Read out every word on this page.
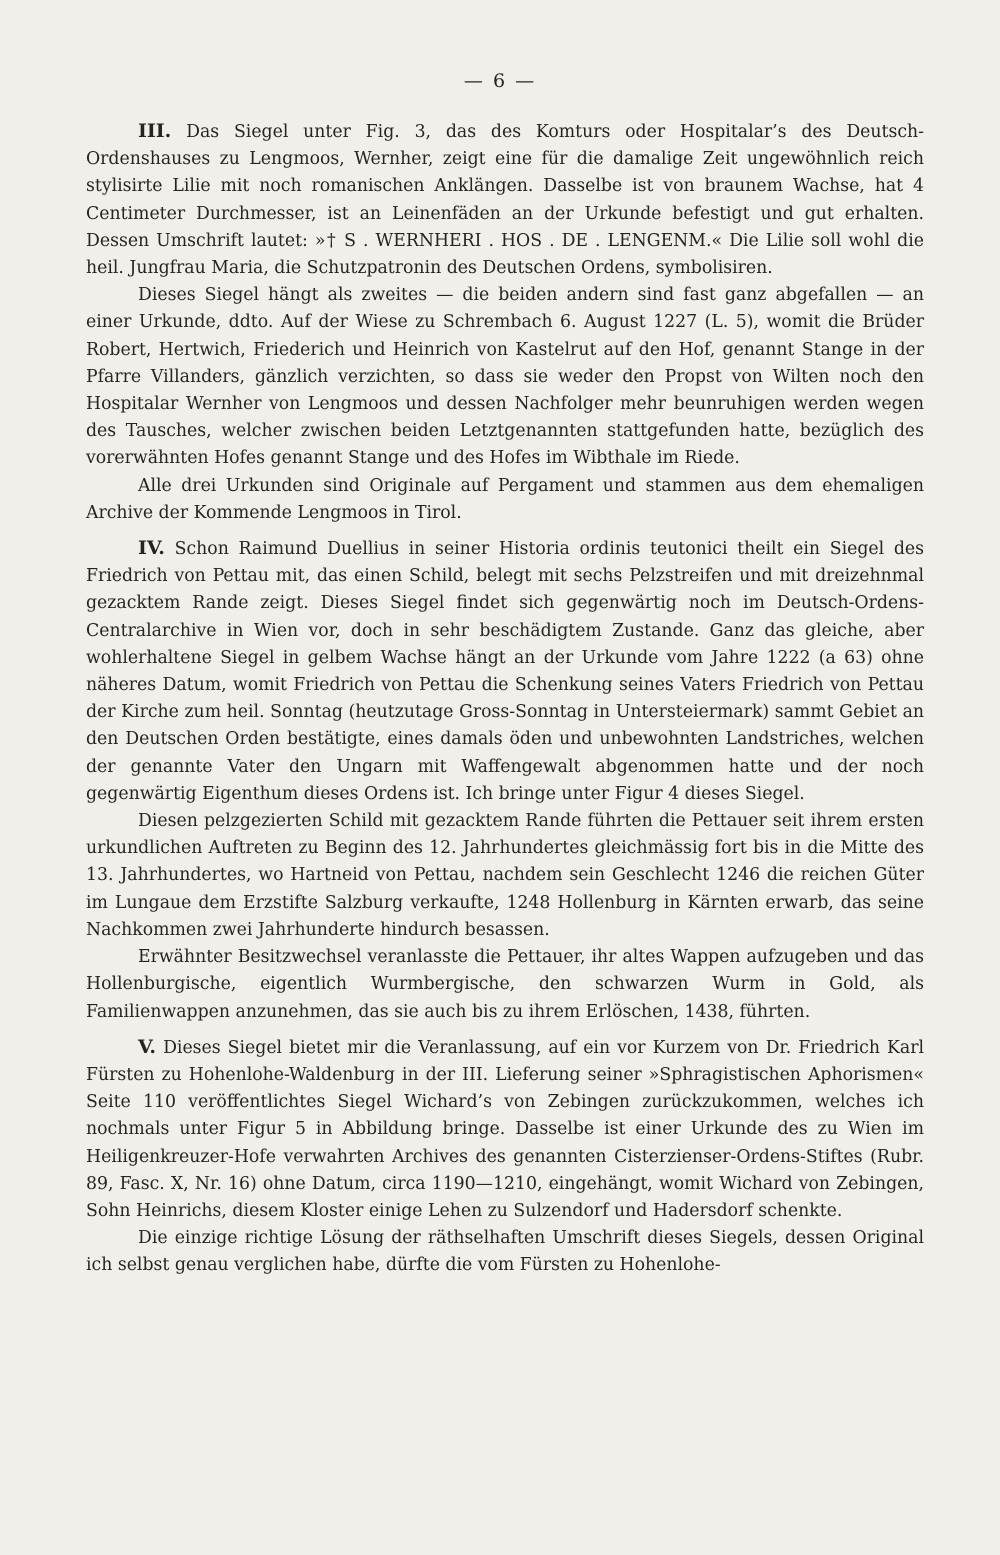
— 6 —

III. Das Siegel unter Fig. 3, das des Komturs oder Hospitalar’s des Deutsch-Ordenshauses zu Lengmoos, Wernher, zeigt eine für die damalige Zeit ungewöhnlich reich stylisirte Lilie mit noch romanischen Anklängen. Dasselbe ist von braunem Wachse, hat 4 Centimeter Durchmesser, ist an Leinenfäden an der Urkunde befestigt und gut erhalten. Dessen Umschrift lautet: »† S . WERNHERI . HOS . DE . LENGENM.« Die Lilie soll wohl die heil. Jungfrau Maria, die Schutzpatronin des Deutschen Ordens, symbolisiren.

Dieses Siegel hängt als zweites — die beiden andern sind fast ganz abgefallen — an einer Urkunde, ddto. Auf der Wiese zu Schrembach 6. August 1227 (L. 5), womit die Brüder Robert, Hertwich, Friederich und Heinrich von Kastelrut auf den Hof, genannt Stange in der Pfarre Villanders, gänzlich verzichten, so dass sie weder den Propst von Wilten noch den Hospitalar Wernher von Lengmoos und dessen Nachfolger mehr beunruhigen werden wegen des Tausches, welcher zwischen beiden Letztgenannten stattgefunden hatte, bezüglich des vorerwähnten Hofes genannt Stange und des Hofes im Wibthale im Riede.

Alle drei Urkunden sind Originale auf Pergament und stammen aus dem ehemaligen Archive der Kommende Lengmoos in Tirol.

IV. Schon Raimund Duellius in seiner Historia ordinis teutonici theilt ein Siegel des Friedrich von Pettau mit, das einen Schild, belegt mit sechs Pelzstreifen und mit dreizehnmal gezacktem Rande zeigt. Dieses Siegel findet sich gegenwärtig noch im Deutsch-Ordens-Centralarchive in Wien vor, doch in sehr beschädigtem Zustande. Ganz das gleiche, aber wohlerhaltene Siegel in gelbem Wachse hängt an der Urkunde vom Jahre 1222 (a 63) ohne näheres Datum, womit Friedrich von Pettau die Schenkung seines Vaters Friedrich von Pettau der Kirche zum heil. Sonntag (heutzutage Gross-Sonntag in Untersteiermark) sammt Gebiet an den Deutschen Orden bestätigte, eines damals öden und unbewohnten Landstriches, welchen der genannte Vater den Ungarn mit Waffengewalt abgenommen hatte und der noch gegenwärtig Eigenthum dieses Ordens ist. Ich bringe unter Figur 4 dieses Siegel.

Diesen pelzgezierten Schild mit gezacktem Rande führten die Pettauer seit ihrem ersten urkundlichen Auftreten zu Beginn des 12. Jahrhundertes gleichmässig fort bis in die Mitte des 13. Jahrhundertes, wo Hartneid von Pettau, nachdem sein Geschlecht 1246 die reichen Güter im Lungaue dem Erzstifte Salzburg verkaufte, 1248 Hollenburg in Kärnten erwarb, das seine Nachkommen zwei Jahrhunderte hindurch besassen.

Erwähnter Besitzwechsel veranlasste die Pettauer, ihr altes Wappen aufzugeben und das Hollenburgische, eigentlich Wurmbergische, den schwarzen Wurm in Gold, als Familienwappen anzunehmen, das sie auch bis zu ihrem Erlöschen, 1438, führten.

V. Dieses Siegel bietet mir die Veranlassung, auf ein vor Kurzem von Dr. Friedrich Karl Fürsten zu Hohenlohe-Waldenburg in der III. Lieferung seiner »Sphragistischen Aphorismen« Seite 110 veröffentlichtes Siegel Wichard’s von Zebingen zurückzukommen, welches ich nochmals unter Figur 5 in Abbildung bringe. Dasselbe ist einer Urkunde des zu Wien im Heiligenkreuzer-Hofe verwahrten Archives des genannten Cisterzienser-Ordens-Stiftes (Rubr. 89, Fasc. X, Nr. 16) ohne Datum, circa 1190—1210, eingehängt, womit Wichard von Zebingen, Sohn Heinrichs, diesem Kloster einige Lehen zu Sulzendorf und Hadersdorf schenkte.

Die einzige richtige Lösung der räthselhaften Umschrift dieses Siegels, dessen Original ich selbst genau verglichen habe, dürfte die vom Fürsten zu Hohenlohe-
